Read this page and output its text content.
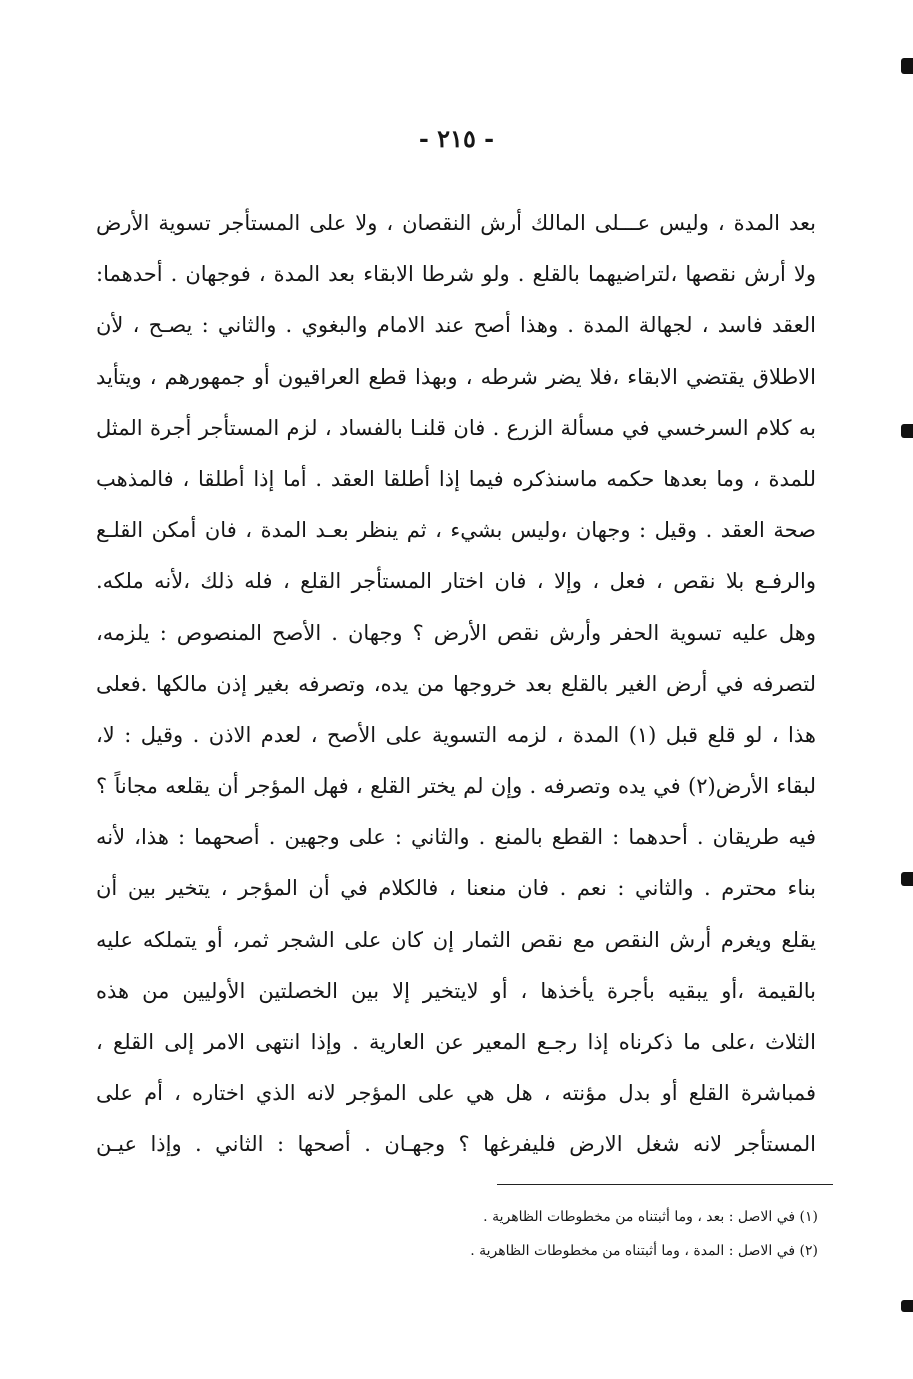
- ٢١٥ -
بعد المدة ، وليس عـــلى المالك أرش النقصان ، ولا على المستأجر تسوية الأرض
ولا أرش نقصها ،لتراضيهما بالقلع . ولو شرطا الابقاء بعد المدة ، فوجهان . أحدهما:
العقد فاسد ، لجهالة المدة . وهذا أصح عند الامام والبغوي . والثاني : يصـح ، لأن
الاطلاق يقتضي الابقاء ،فلا يضر شرطه ، وبهذا قطع العراقيون أو جمهورهم ، ويتأيد
به كلام السرخسي في مسألة الزرع . فان قلنـا بالفساد ، لزم المستأجر أجرة المثل
للمدة ، وما بعدها حكمه ماسنذكره فيما إذا أطلقا العقد . أما إذا أطلقا ، فالمذهب
صحة العقد . وقيل : وجهان ،وليس بشيء ، ثم ينظر بعـد المدة ، فان أمكن القلـع
والرفـع بلا نقص ، فعل ، وإلا ، فان اختار المستأجر القلع ، فله ذلك ،لأنه ملكه.
وهل عليه تسوية الحفر وأرش نقص الأرض ؟ وجهان . الأصح المنصوص : يلزمه،
لتصرفه في أرض الغير بالقلع بعد خروجها من يده، وتصرفه بغير إذن مالكها .فعلى
هذا ، لو قلع قبل (١) المدة ، لزمه التسوية على الأصح ، لعدم الاذن . وقيل : لا،
لبقاء الأرض(٢) في يده وتصرفه . وإن لم يختر القلع ، فهل المؤجر أن يقلعه مجاناً ؟
فيه طريقان . أحدهما : القطع بالمنع . والثاني : على وجهين . أصحهما : هذا، لأنه
بناء محترم . والثاني : نعم . فان منعنا ، فالكلام في أن المؤجر ، يتخير بين أن
يقلع ويغرم أرش النقص مع نقص الثمار إن كان على الشجر ثمر، أو يتملكه عليه
بالقيمة ،أو يبقيه بأجرة يأخذها ، أو لايتخير إلا بين الخصلتين الأوليين من هذه
الثلاث ،على ما ذكرناه إذا رجـع المعير عن العارية . وإذا انتهى الامر إلى القلع ،
فمباشرة القلع أو بدل مؤنته ، هل هي على المؤجر لانه الذي اختاره ، أم على
المستأجر لانه شغل الارض فليفرغها ؟ وجهـان . أصحها : الثاني . وإذا عيـن
(١) في الاصل : بعد ، وما أثبتناه من مخطوطات الظاهرية .
(٢) في الاصل : المدة ، وما أثبتناه من مخطوطات الظاهرية .
